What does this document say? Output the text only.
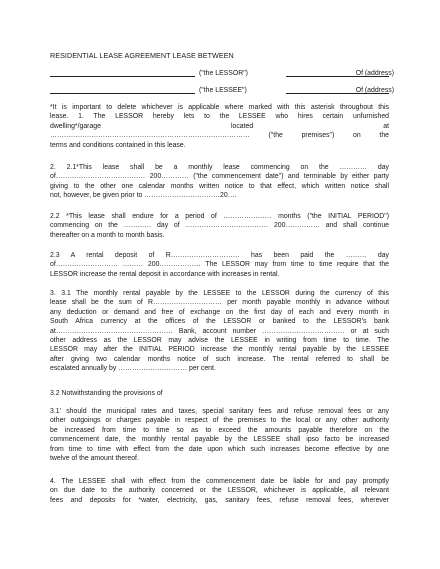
RESIDENTIAL LEASE AGREEMENT LEASE BETWEEN
("the LESSOR")	Of (address)
("the LESSEE")	Of (address)
*It is important to delete whichever is applicable where marked with this asterisk throughout this
lease. 1. The LESSOR hereby lets to the LESSEE who hires certain unfurnished
dwelling*/garage located at
…………………………………………………………………………… ("the premises") on the
terms and conditions contained in this lease.
2. 2.1*This lease shall be a monthly lease commencing on the ………… day
of………………………………… 200………… ("the commencement date") and terminable by either party
giving to the other one calendar months written notice to that effect, which written notice shall
not, however, be given prior to ……………………………20….
2.2 *This lease shall endure for a period of ………………… months ("the INITIAL PERIOD")
commencing on the ………… day of ……………………………… 200…………… and shall continue
thereafter on a month to month basis.
2.3 A rental deposit of R………………………… has been paid the ……… day
of……………………… ……… 200……………… The LESSOR may from time to time require that the
LESSOR increase the rental deposit in accordance with increases in rental.
3. 3.1 The monthly rental payable by the LESSEE to the LESSOR during the currency of this
lease shall be the sum of R………………………… per month payable monthly in advance without
any deduction or demand and free of exchange on the first day of each and every month in
South Africa currency at the offices of the LESSOR or banked to the LESSOR's bank
at…………………………………………… Bank, account number ……………………………… or at such
other address as the LESSOR may advise the LESSEE in writing from time to time. The
LESSOR may after the INITIAL PERIOD increase the monthly rental payable by the LESSEE
after giving two calendar months notice of such increase. The rental referred to shall be
escalated annually by ………………………… per cent.
3.2 Notwithstanding the provisions of
3.1' should the municipal rates and taxes, special sanitary fees and refuse removal fees or any
other outgoings or charges payable in respect of the premises to the local or any other authority
be increased from time to time so as to exceed the amounts payable therefore on the
commencement date, the monthly rental payable by the LESSEE shall ipso facto be increased
from time to time with effect from the date upon which such increases become effective by one
twelve of the amount thereof.
4. The LESSEE shall with effect from the commencement date be liable for and pay promptly
on due date to the authority concerned or the LESSOR, whichever is applicable, all relevant
fees and deposits for *water, electricity, gas, sanitary fees, refuse removal fees, wherever
